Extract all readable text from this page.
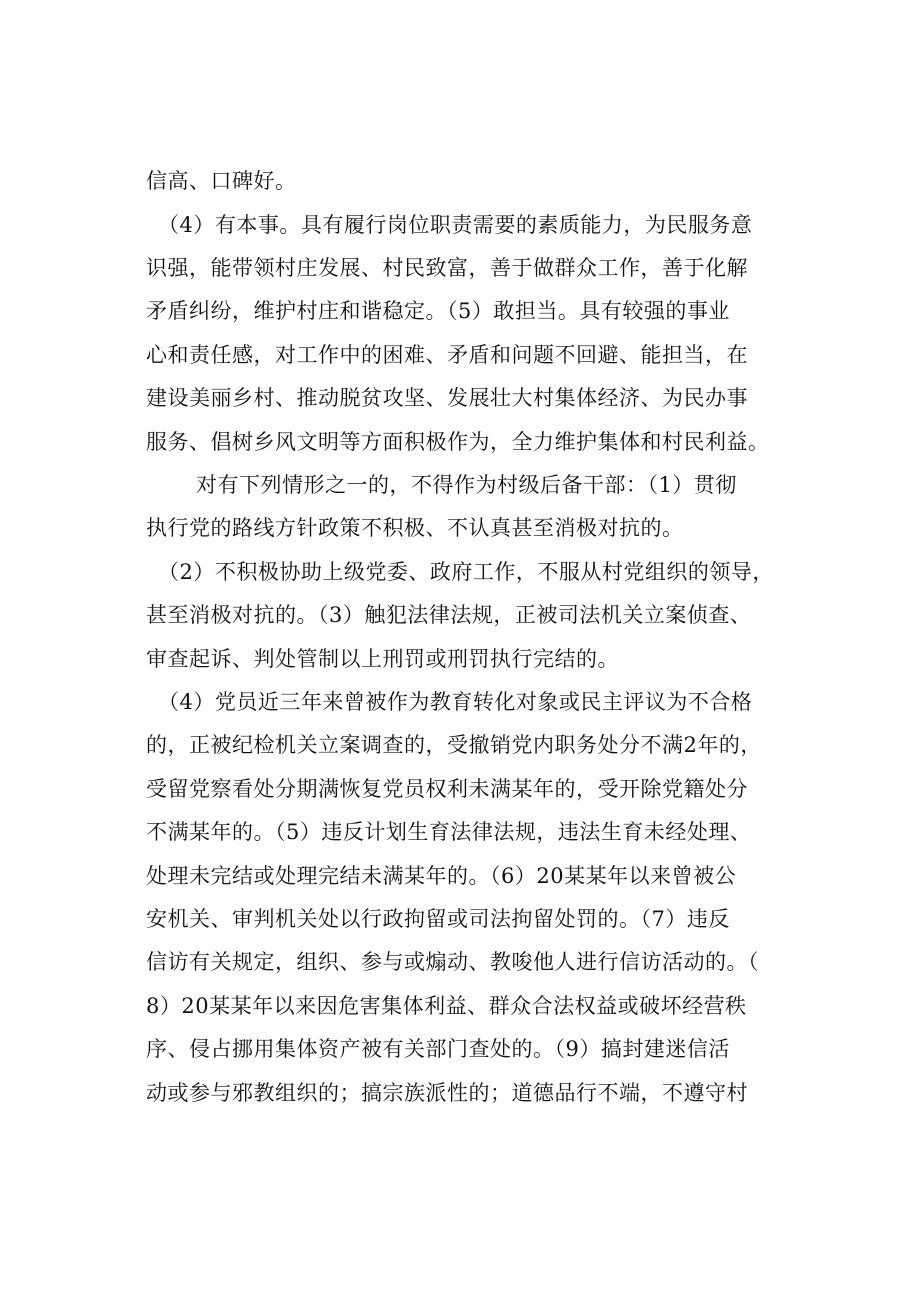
信高、口碑好。

（4）有本事。具有履行岗位职责需要的素质能力，为民服务意

识强，能带领村庄发展、村民致富，善于做群众工作，善于化解

矛盾纠纷，维护村庄和谐稳定。（5）敢担当。具有较强的事业

心和责任感，对工作中的困难、矛盾和问题不回避、能担当，在

建设美丽乡村、推动脱贫攻坚、发展壮大村集体经济、为民办事

服务、倡树乡风文明等方面积极作为，全力维护集体和村民利益。

对有下列情形之一的，不得作为村级后备干部：（1）贯彻

执行党的路线方针政策不积极、不认真甚至消极对抗的。

（2）不积极协助上级党委、政府工作，不服从村党组织的领导，

甚至消极对抗的。（3）触犯法律法规，正被司法机关立案侦查、

审查起诉、判处管制以上刑罚或刑罚执行完结的。

（4）党员近三年来曾被作为教育转化对象或民主评议为不合格

的，正被纪检机关立案调查的，受撤销党内职务处分不满2年的，

受留党察看处分期满恢复党员权利未满某年的，受开除党籍处分

不满某年的。（5）违反计划生育法律法规，违法生育未经处理、

处理未完结或处理完结未满某年的。（6）20某某年以来曾被公

安机关、审判机关处以行政拘留或司法拘留处罚的。（7）违反

信访有关规定，组织、参与或煽动、教唆他人进行信访活动的。（

8）20某某年以来因危害集体利益、群众合法权益或破坏经营秩

序、侵占挪用集体资产被有关部门查处的。（9）搞封建迷信活

动或参与邪教组织的；搞宗族派性的；道德品行不端，不遵守村
